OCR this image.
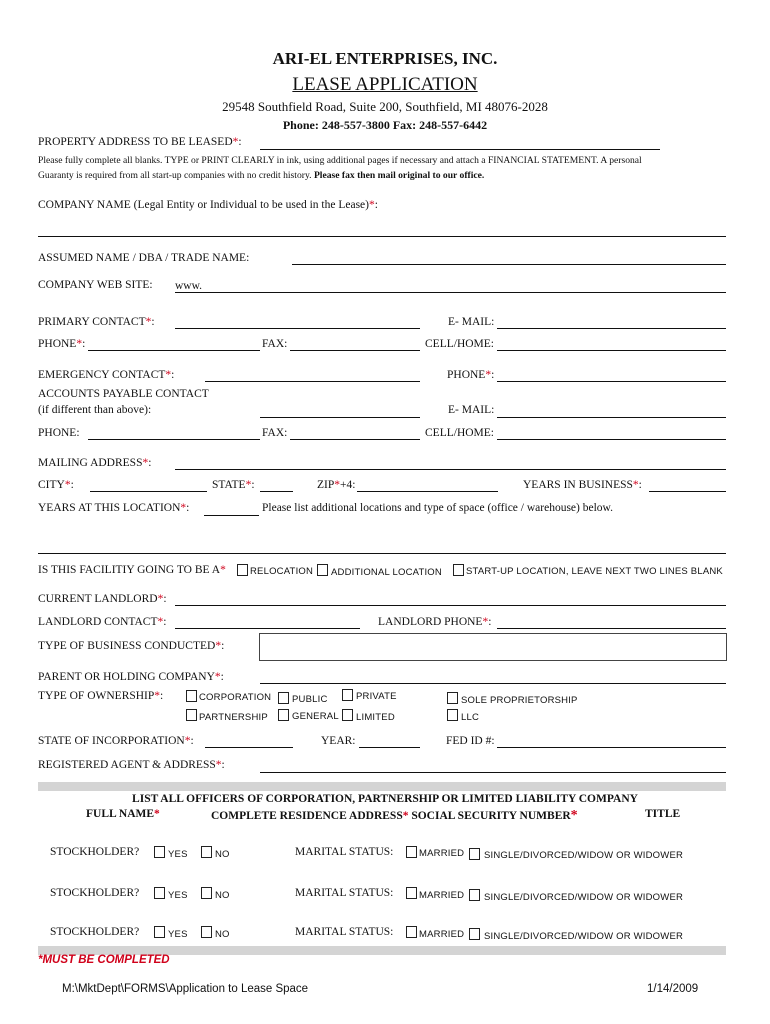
ARI-EL ENTERPRISES, INC.
LEASE APPLICATION
29548 Southfield Road, Suite 200, Southfield, MI 48076-2028
Phone: 248-557-3800 Fax: 248-557-6442
PROPERTY ADDRESS TO BE LEASED*:
Please fully complete all blanks. TYPE or PRINT CLEARLY in ink, using additional pages if necessary and attach a FINANCIAL STATEMENT. A personal
Guaranty is required from all start-up companies with no credit history. Please fax then mail original to our office.
COMPANY NAME (Legal Entity or Individual to be used in the Lease)*:
ASSUMED NAME / DBA / TRADE NAME:
COMPANY WEB SITE: www.
PRIMARY CONTACT*:	E- MAIL:
PHONE*:	FAX:	CELL/HOME:
EMERGENCY CONTACT*:	PHONE*:
ACCOUNTS PAYABLE CONTACT
(if different than above):	E- MAIL:
PHONE:	FAX:	CELL/HOME:
MAILING ADDRESS*:
CITY*:	STATE*:	ZIP*+4:	YEARS IN BUSINESS*:
YEARS AT THIS LOCATION*:	Please list additional locations and type of space (office / warehouse) below.
IS THIS FACILITIY GOING TO BE A*	RELOCATION ADDITIONAL LOCATION	START-UP LOCATION, LEAVE NEXT TWO LINES BLANK
CURRENT LANDLORD*:
LANDLORD CONTACT*:	LANDLORD PHONE*:
TYPE OF BUSINESS CONDUCTED*:
PARENT OR HOLDING COMPANY*:
TYPE OF OWNERSHIP*:	CORPORATION PUBLIC	PRIVATE	SOLE PROPRIETORSHIP
PARTNERSHIP	GENERAL LIMITED	LLC
STATE OF INCORPORATION*:	YEAR:	FED ID #:
REGISTERED AGENT & ADDRESS*:
LIST ALL OFFICERS OF CORPORATION, PARTNERSHIP OR LIMITED LIABILITY COMPANY
FULL NAME*	COMPLETE RESIDENCE ADDRESS* SOCIAL SECURITY NUMBER*	TITLE
STOCKHOLDER?	YES	NO	MARITAL STATUS:	MARRIED SINGLE/DIVORCED/WIDOW OR WIDOWER
STOCKHOLDER?	YES	NO	MARITAL STATUS:	MARRIED SINGLE/DIVORCED/WIDOW OR WIDOWER
STOCKHOLDER?	YES	NO	MARITAL STATUS:	MARRIED SINGLE/DIVORCED/WIDOW OR WIDOWER
*MUST BE COMPLETED
M:\MktDept\FORMS\Application to Lease Space	1/14/2009
